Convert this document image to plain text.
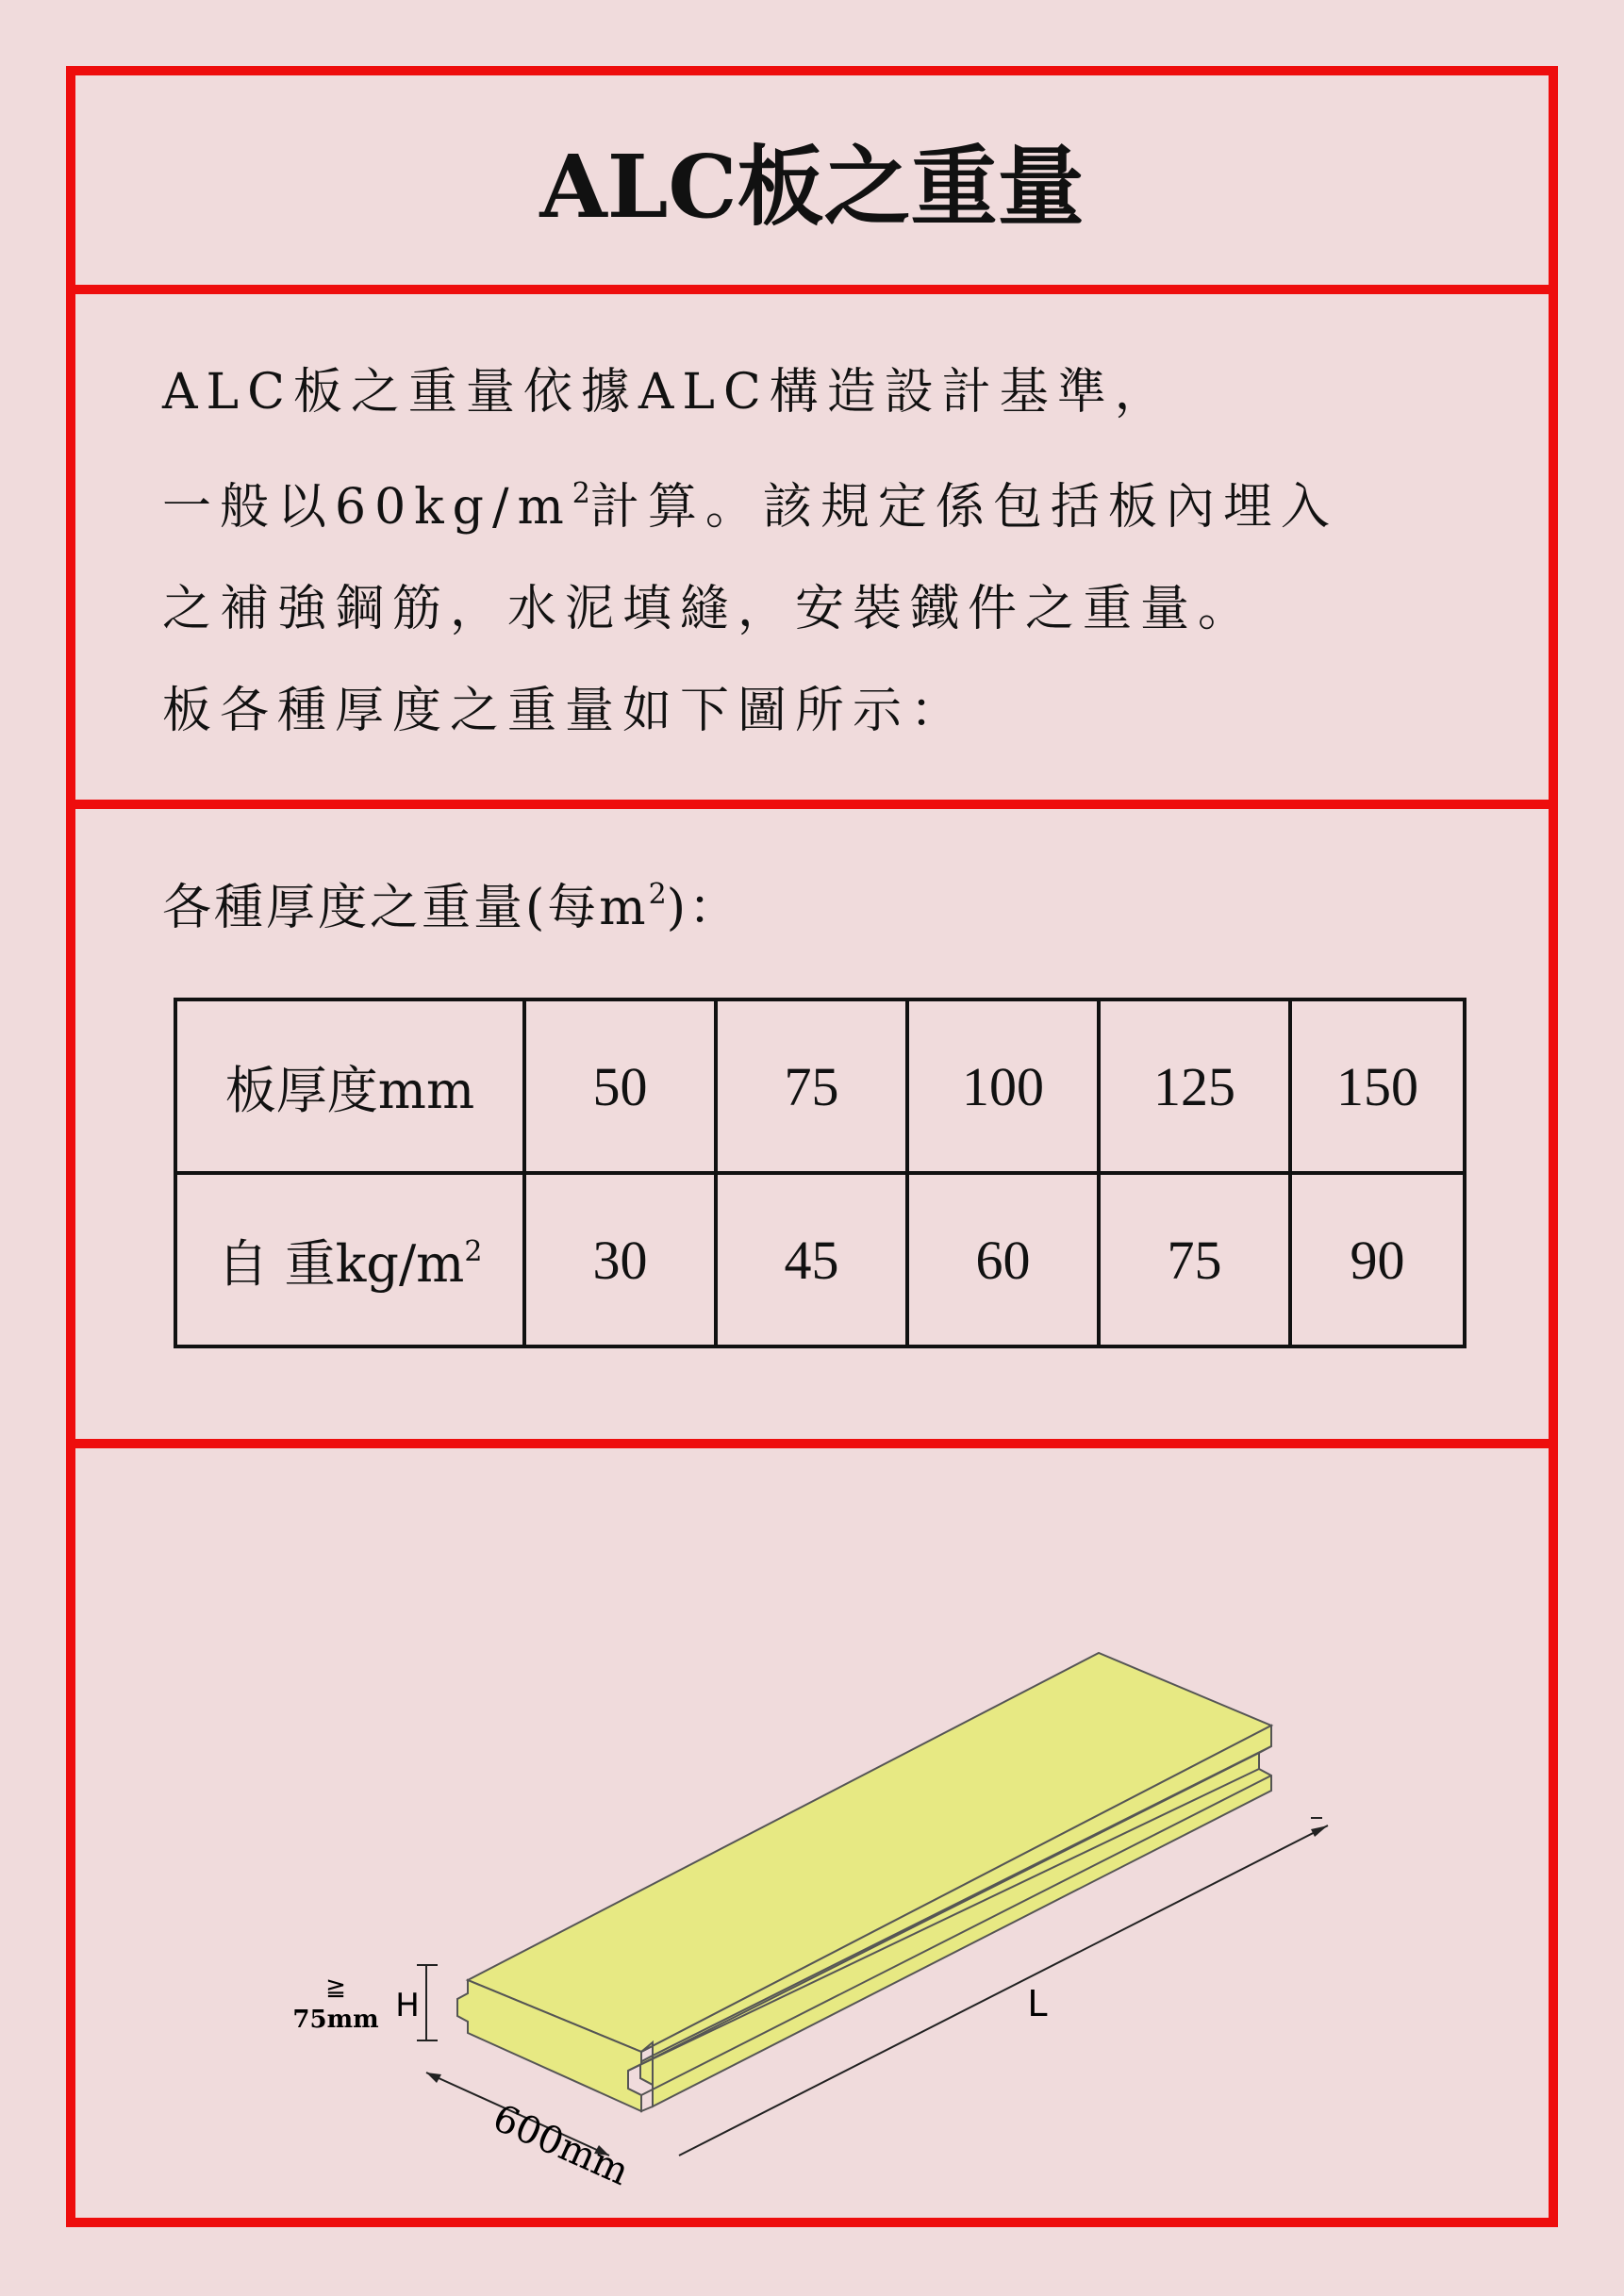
ALC板之重量

ALC板之重量依據ALC構造設計基準，

一般以$60kg/m^2$計算。該規定係包括板內埋入

之補強鋼筋，水泥填縫，安裝鐵件之重量。

板各種厚度之重量如下圖所示：

各種厚度之重量(每$m^2$)：
板厚度mm	50	75	100	125	150
自 重$kg/m^2$	30	45	60	75	90
H
≧
75mm
600mm
L
